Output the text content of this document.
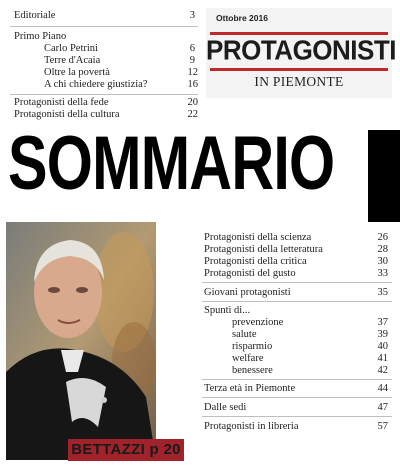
Editoriale	3
Primo Piano
Carlo Petrini	6
Terre d'Acaia	9
Oltre la povertà	12
A chi chiedere giustizia?	16
Protagonisti della fede	20
Protagonisti della cultura	22
Ottobre 2016
PROTAGONISTI
IN PIEMONTE
SOMMARIO
BETTAZZI p 20
Protagonisti della scienza	26
Protagonisti della letteratura	28
Protagonisti della critica	30
Protagonisti del gusto	33
Giovani protagonisti	35
Spunti di...
prevenzione	37
salute	39
risparmio	40
welfare	41
benessere	42
Terza età in Piemonte	44
Dalle sedi	47
Protagonisti in libreria	57
